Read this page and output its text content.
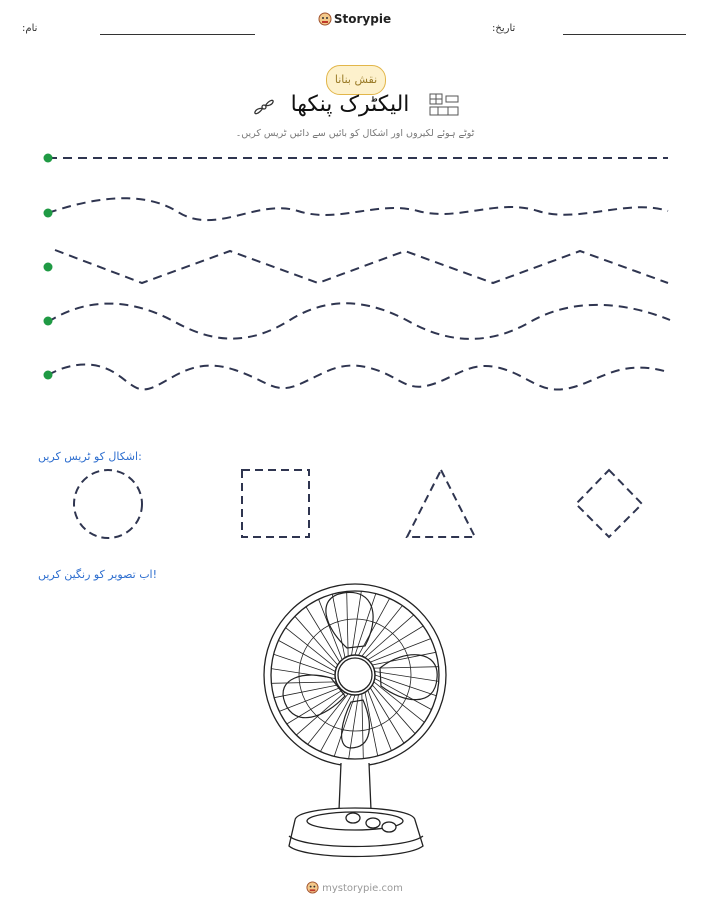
:نام
Storypie
:تاریخ
نقش بنانا
الیکٹرک پنکھا
ٹوٹے ہوئے لکیروں اور اشکال کو بائیں سے دائیں ٹریس کریں۔
اشکال کو ٹریس کریں:
اب تصویر کو رنگین کریں!
mystorypie.com
